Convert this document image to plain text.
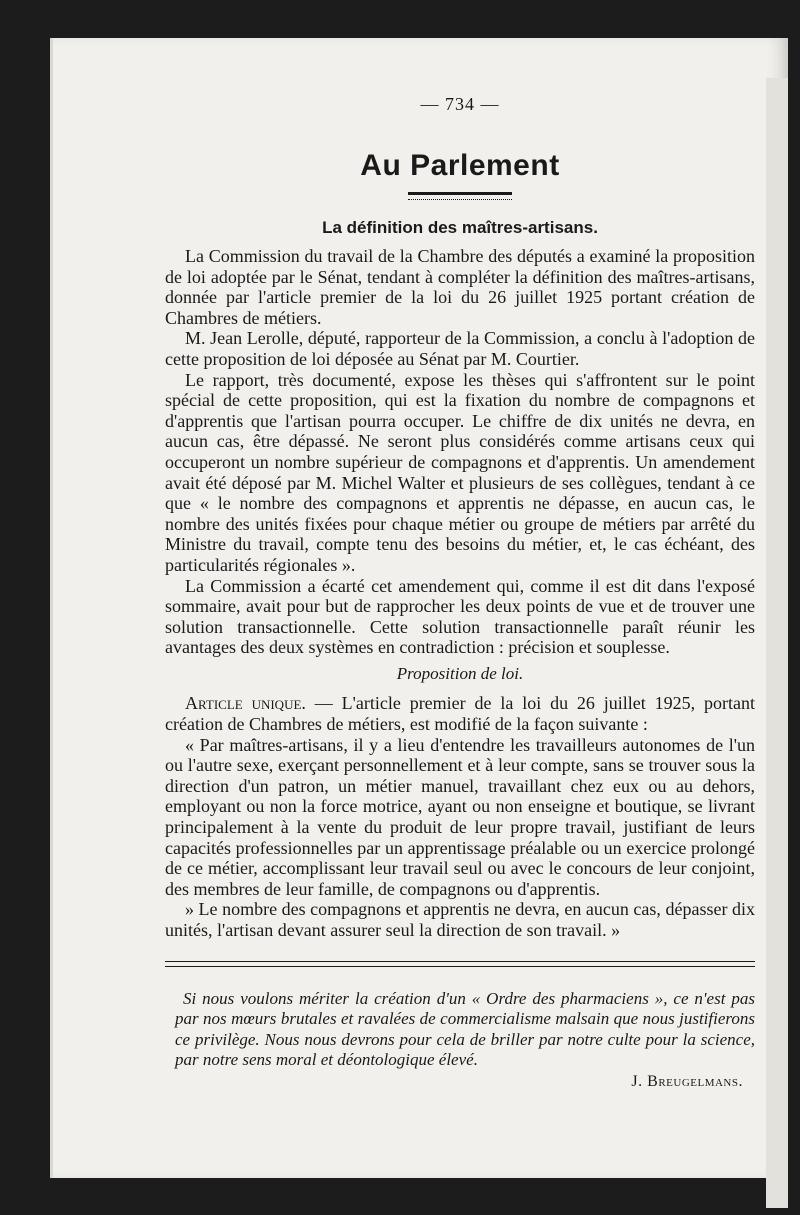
— 734 —
Au Parlement
La définition des maîtres-artisans.

La Commission du travail de la Chambre des députés a examiné la proposition de loi adoptée par le Sénat, tendant à compléter la définition des maîtres-artisans, donnée par l'article premier de la loi du 26 juillet 1925 portant création de Chambres de métiers.

M. Jean Lerolle, député, rapporteur de la Commission, a conclu à l'adoption de cette proposition de loi déposée au Sénat par M. Courtier.

Le rapport, très documenté, expose les thèses qui s'affrontent sur le point spécial de cette proposition, qui est la fixation du nombre de compagnons et d'apprentis que l'artisan pourra occuper. Le chiffre de dix unités ne devra, en aucun cas, être dépassé. Ne seront plus considérés comme artisans ceux qui occuperont un nombre supérieur de compagnons et d'apprentis. Un amendement avait été déposé par M. Michel Walter et plusieurs de ses collègues, tendant à ce que « le nombre des compagnons et apprentis ne dépasse, en aucun cas, le nombre des unités fixées pour chaque métier ou groupe de métiers par arrêté du Ministre du travail, compte tenu des besoins du métier, et, le cas échéant, des particularités régionales ».

La Commission a écarté cet amendement qui, comme il est dit dans l'exposé sommaire, avait pour but de rapprocher les deux points de vue et de trouver une solution transactionnelle. Cette solution transactionnelle paraît réunir les avantages des deux systèmes en contradiction : précision et souplesse.

Proposition de loi.

Article unique. — L'article premier de la loi du 26 juillet 1925, portant création de Chambres de métiers, est modifié de la façon suivante :

« Par maîtres-artisans, il y a lieu d'entendre les travailleurs autonomes de l'un ou l'autre sexe, exerçant personnellement et à leur compte, sans se trouver sous la direction d'un patron, un métier manuel, travaillant chez eux ou au dehors, employant ou non la force motrice, ayant ou non enseigne et boutique, se livrant principalement à la vente du produit de leur propre travail, justifiant de leurs capacités professionnelles par un apprentissage préalable ou un exercice prolongé de ce métier, accomplissant leur travail seul ou avec le concours de leur conjoint, des membres de leur famille, de compagnons ou d'apprentis.

» Le nombre des compagnons et apprentis ne devra, en aucun cas, dépasser dix unités, l'artisan devant assurer seul la direction de son travail. »

Si nous voulons mériter la création d'un « Ordre des pharmaciens », ce n'est pas par nos mœurs brutales et ravalées de commercialisme malsain que nous justifierons ce privilège. Nous nous devrons pour cela de briller par notre culte pour la science, par notre sens moral et déontologique élevé.
J. Breugelmans.
